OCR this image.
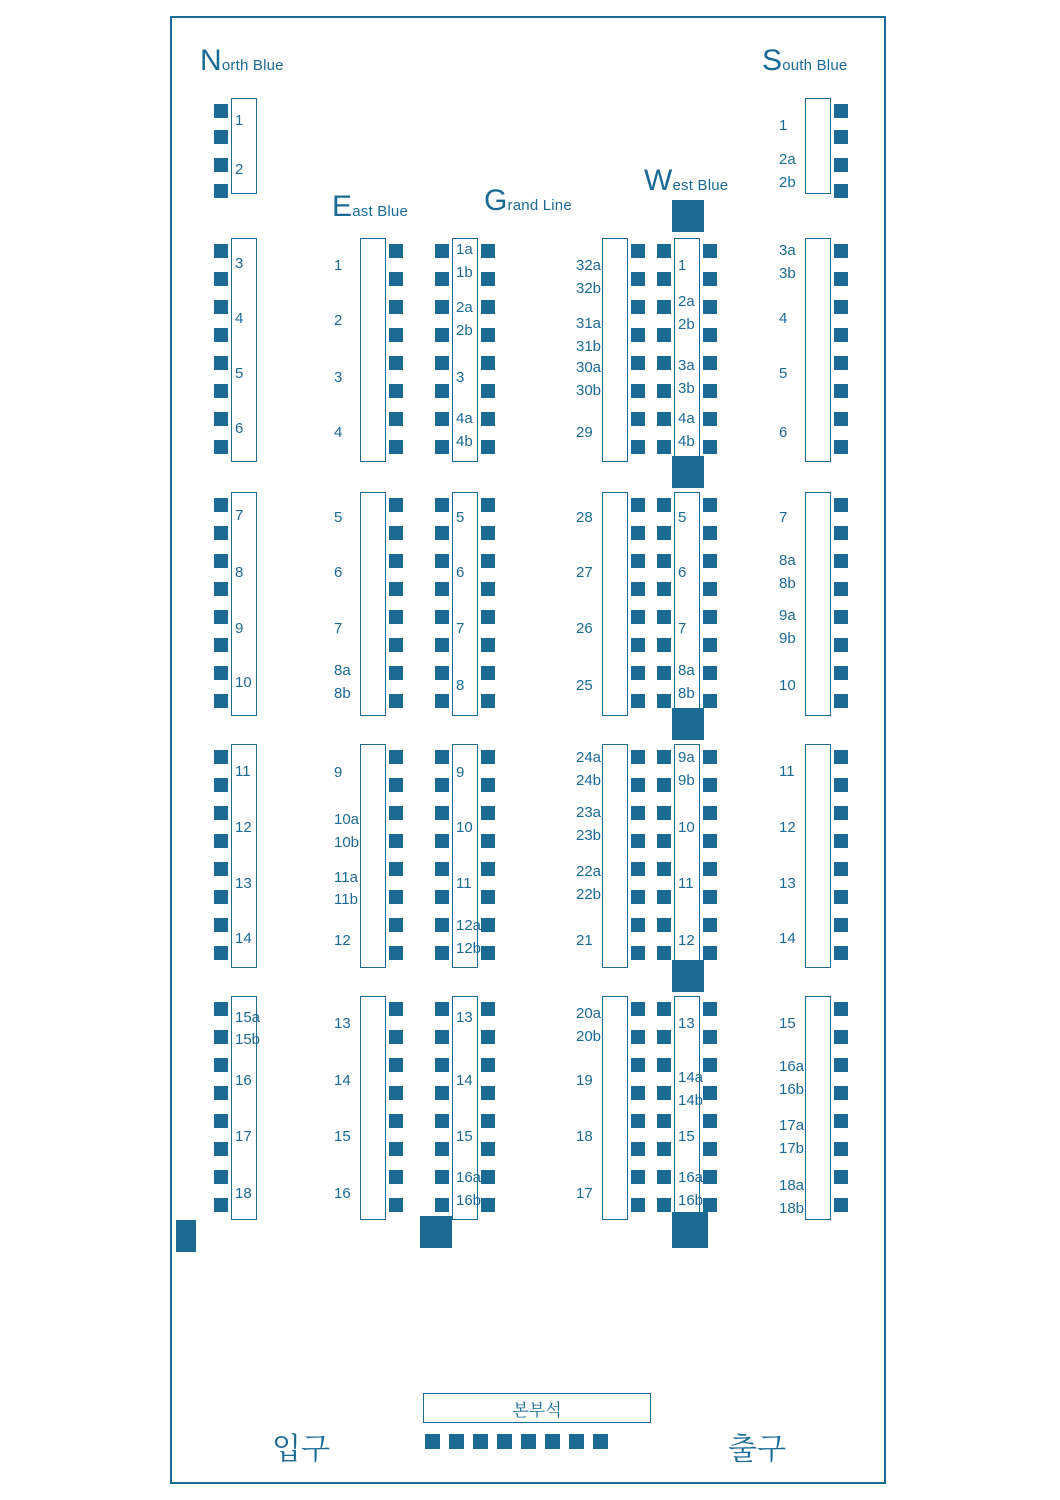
North Blue	South Blue
East Blue	Grand Line
West Blue
1
2
3
4
5
6
7
8
9
10
11
12
13
14
15a
15b
16
17
18
1
2
3
4
5
6
7
8a
8b
9
10a
10b
11a
11b
12
13
14
15
16
1a
1b
2a
2b
3
4a
4b
5
6
7
8
9
10
11
12a
12b
13
14
15
16a
16b
32a
32b
31a
31b
30a
30b
29
28
27
26
25
24a
24b
23a
23b
22a
22b
21
20a
20b
19
18
17
1
2a
2b
3a
3b
4a
4b
5
6
7
8a
8b
9a
9b
10
11
12
13
14a
14b
15
16a
16b
1
2a
2b
3a
3b
4
5
6
7
8a
8b
9a
9b
10
11
12
13
14
15
16a
16b
17a
17b
18a
18b
본부석
입구	출구
